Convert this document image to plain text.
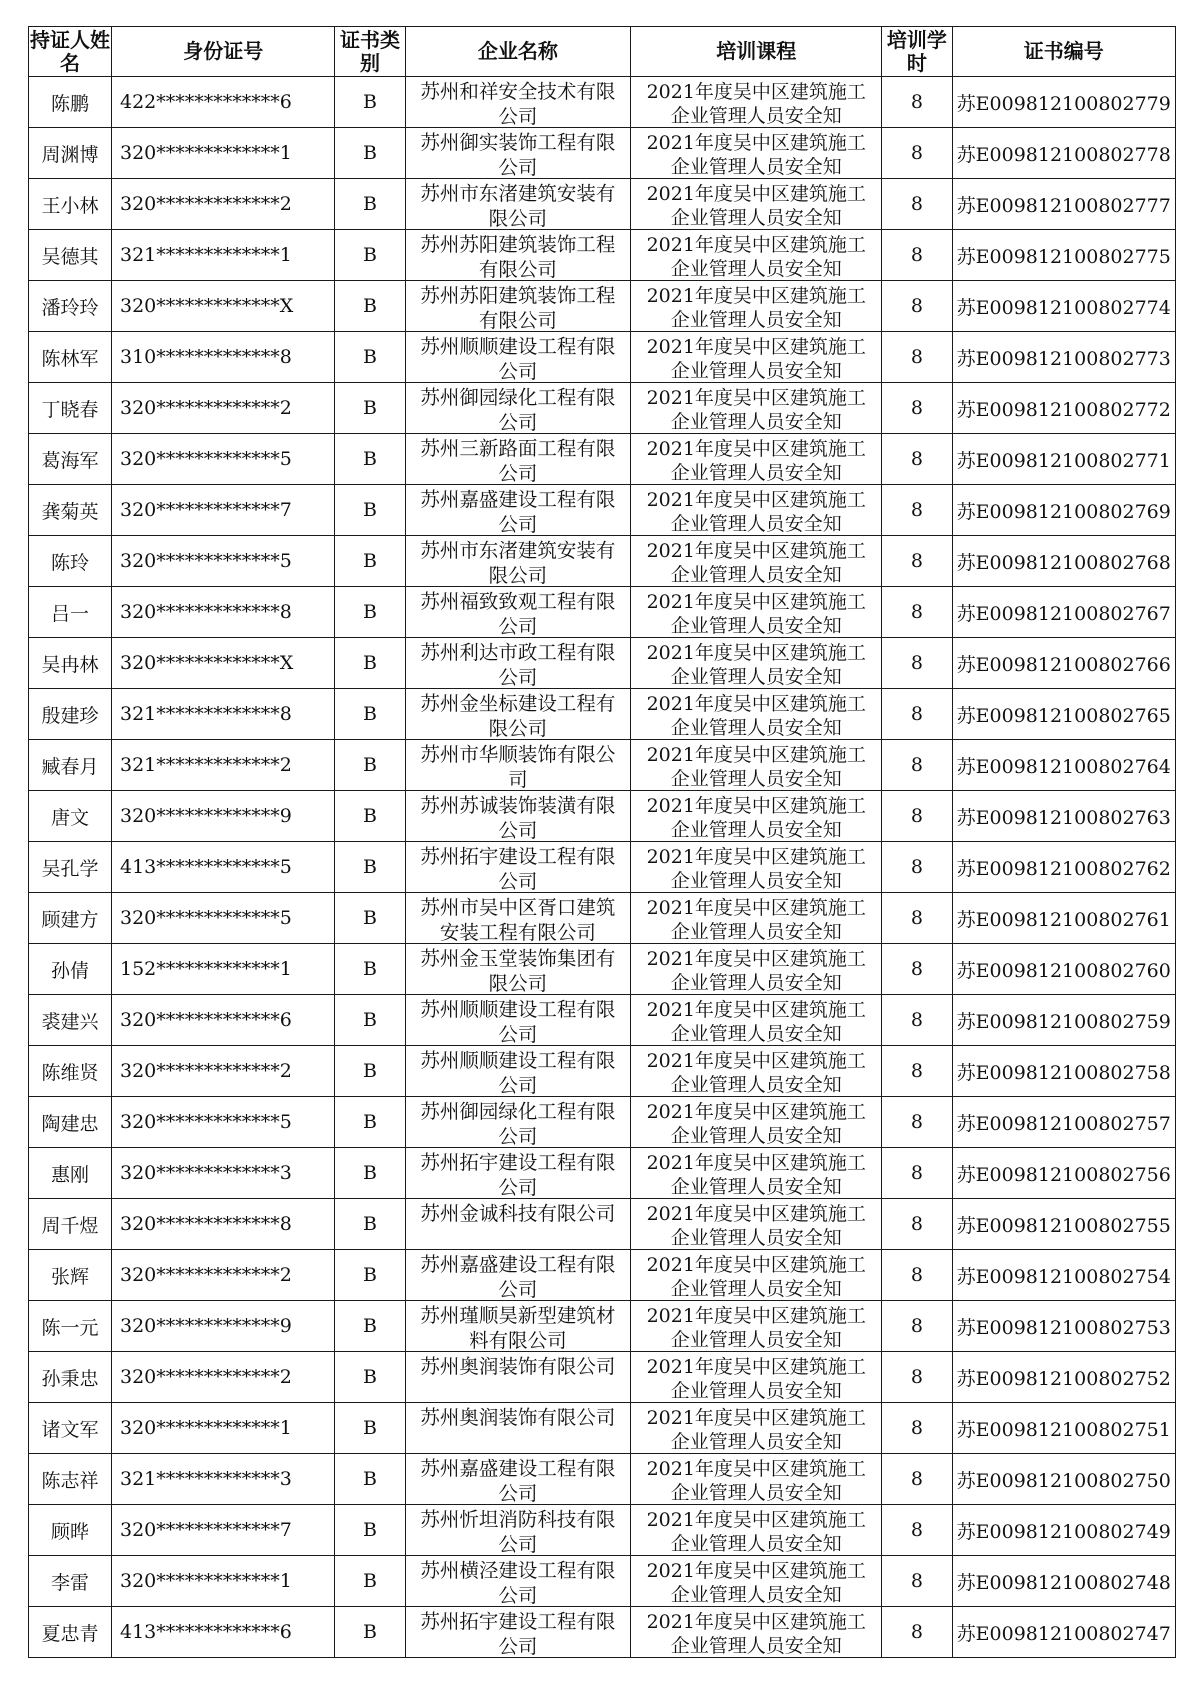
持证人姓名	身份证号	证书类别	企业名称	培训课程	培训学时	证书编号
陈鹏	422*************6	B	苏州和祥安全技术有限公司	2021年度吴中区建筑施工企业管理人员安全知	8	苏E009812100802779
周渊博	320*************1	B	苏州御实装饰工程有限公司	2021年度吴中区建筑施工企业管理人员安全知	8	苏E009812100802778
王小林	320*************2	B	苏州市东渚建筑安装有限公司	2021年度吴中区建筑施工企业管理人员安全知	8	苏E009812100802777
吴德其	321*************1	B	苏州苏阳建筑装饰工程有限公司	2021年度吴中区建筑施工企业管理人员安全知	8	苏E009812100802775
潘玲玲	320*************X	B	苏州苏阳建筑装饰工程有限公司	2021年度吴中区建筑施工企业管理人员安全知	8	苏E009812100802774
陈林军	310*************8	B	苏州顺顺建设工程有限公司	2021年度吴中区建筑施工企业管理人员安全知	8	苏E009812100802773
丁晓春	320*************2	B	苏州御园绿化工程有限公司	2021年度吴中区建筑施工企业管理人员安全知	8	苏E009812100802772
葛海军	320*************5	B	苏州三新路面工程有限公司	2021年度吴中区建筑施工企业管理人员安全知	8	苏E009812100802771
龚菊英	320*************7	B	苏州嘉盛建设工程有限公司	2021年度吴中区建筑施工企业管理人员安全知	8	苏E009812100802769
陈玲	320*************5	B	苏州市东渚建筑安装有限公司	2021年度吴中区建筑施工企业管理人员安全知	8	苏E009812100802768
吕一	320*************8	B	苏州福致致观工程有限公司	2021年度吴中区建筑施工企业管理人员安全知	8	苏E009812100802767
吴冉林	320*************X	B	苏州利达市政工程有限公司	2021年度吴中区建筑施工企业管理人员安全知	8	苏E009812100802766
殷建珍	321*************8	B	苏州金坐标建设工程有限公司	2021年度吴中区建筑施工企业管理人员安全知	8	苏E009812100802765
臧春月	321*************2	B	苏州市华顺装饰有限公司	2021年度吴中区建筑施工企业管理人员安全知	8	苏E009812100802764
唐文	320*************9	B	苏州苏诚装饰装潢有限公司	2021年度吴中区建筑施工企业管理人员安全知	8	苏E009812100802763
吴孔学	413*************5	B	苏州拓宇建设工程有限公司	2021年度吴中区建筑施工企业管理人员安全知	8	苏E009812100802762
顾建方	320*************5	B	苏州市吴中区胥口建筑安装工程有限公司	2021年度吴中区建筑施工企业管理人员安全知	8	苏E009812100802761
孙倩	152*************1	B	苏州金玉堂装饰集团有限公司	2021年度吴中区建筑施工企业管理人员安全知	8	苏E009812100802760
裘建兴	320*************6	B	苏州顺顺建设工程有限公司	2021年度吴中区建筑施工企业管理人员安全知	8	苏E009812100802759
陈维贤	320*************2	B	苏州顺顺建设工程有限公司	2021年度吴中区建筑施工企业管理人员安全知	8	苏E009812100802758
陶建忠	320*************5	B	苏州御园绿化工程有限公司	2021年度吴中区建筑施工企业管理人员安全知	8	苏E009812100802757
惠刚	320*************3	B	苏州拓宇建设工程有限公司	2021年度吴中区建筑施工企业管理人员安全知	8	苏E009812100802756
周千煜	320*************8	B	苏州金诚科技有限公司	2021年度吴中区建筑施工企业管理人员安全知	8	苏E009812100802755
张辉	320*************2	B	苏州嘉盛建设工程有限公司	2021年度吴中区建筑施工企业管理人员安全知	8	苏E009812100802754
陈一元	320*************9	B	苏州瑾顺昊新型建筑材料有限公司	2021年度吴中区建筑施工企业管理人员安全知	8	苏E009812100802753
孙秉忠	320*************2	B	苏州奥润装饰有限公司	2021年度吴中区建筑施工企业管理人员安全知	8	苏E009812100802752
诸文军	320*************1	B	苏州奥润装饰有限公司	2021年度吴中区建筑施工企业管理人员安全知	8	苏E009812100802751
陈志祥	321*************3	B	苏州嘉盛建设工程有限公司	2021年度吴中区建筑施工企业管理人员安全知	8	苏E009812100802750
顾晔	320*************7	B	苏州忻坦消防科技有限公司	2021年度吴中区建筑施工企业管理人员安全知	8	苏E009812100802749
李雷	320*************1	B	苏州横泾建设工程有限公司	2021年度吴中区建筑施工企业管理人员安全知	8	苏E009812100802748
夏忠青	413*************6	B	苏州拓宇建设工程有限公司	2021年度吴中区建筑施工企业管理人员安全知	8	苏E009812100802747
